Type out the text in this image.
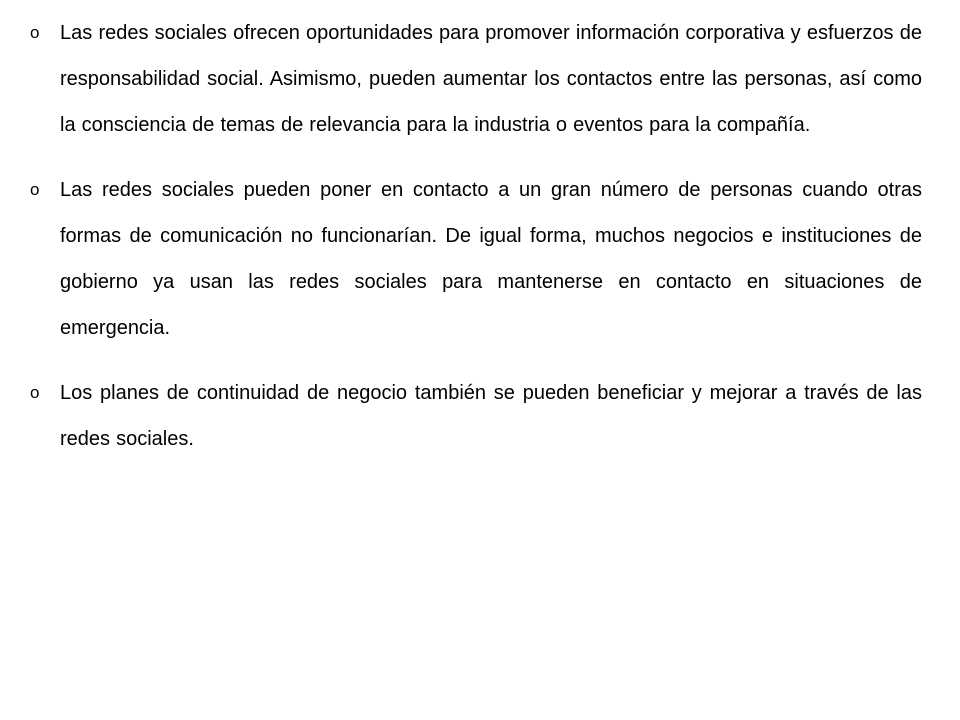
o	Las redes sociales ofrecen oportunidades para promover información corporativa y esfuerzos de responsabilidad social. Asimismo, pueden aumentar los contactos entre las personas, así como la consciencia de temas de relevancia para la industria o eventos para la compañía.
o	Las redes sociales pueden poner en contacto a un gran número de personas cuando otras formas de comunicación no funcionarían. De igual forma, muchos negocios e instituciones de gobierno ya usan las redes sociales para mantenerse en contacto en situaciones de emergencia.
o	Los planes de continuidad de negocio también se pueden beneficiar y mejorar a través de las redes sociales.
